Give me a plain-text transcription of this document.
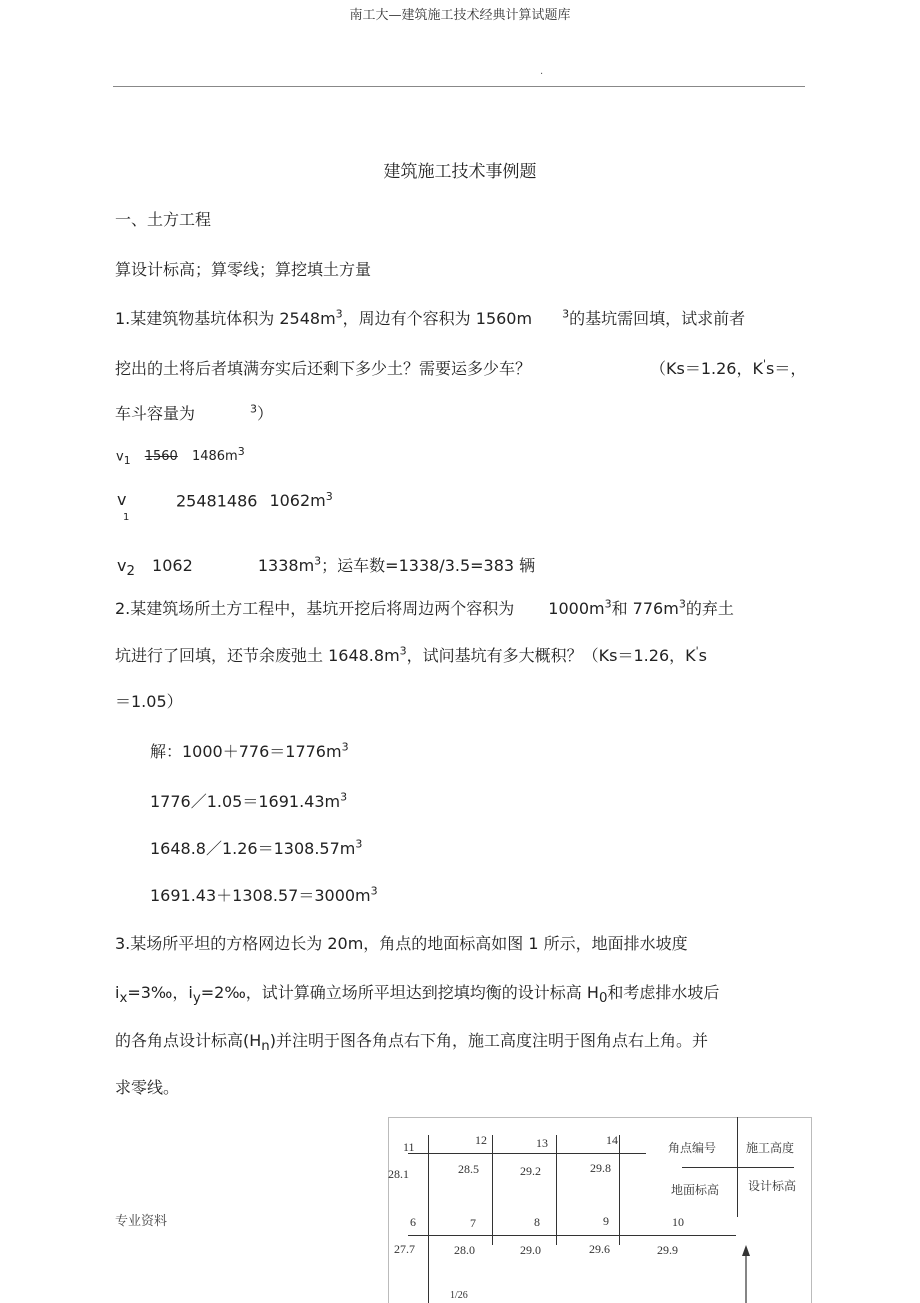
南工大—建筑施工技术经典计算试题库
.
建筑施工技术事例题
一、土方工程
算设计标高；算零线；算挖填土方量
1.某建筑物基坑体积为 $2548m^3$，周边有个容积为 1560m	$^3$的基坑需回填，试求前者
挖出的土将后者填满夯实后还剩下多少土？需要运多少车？	（Ks＝1.26，K's＝，
车斗容量为	$^3$）
$v_1$ 1560 $1486m^3$
v
1
25481486 $1062m^3$
$v_2$ 1062	$1338m^3$；运车数=1338/3.5=383 辆
2.某建筑场所土方工程中，基坑开挖后将周边两个容积为 $1000m^3$和 $776m^3$的弃土
坑进行了回填，还节余废弛土 $1648.8m^3$，试问基坑有多大概积？（Ks＝1.26，K's
＝1.05）
解：$1000+776=1776m^3$
$1776/1.05=1691.43m^3$
$1648.8/1.26=1308.57m^3$
$1691.43+1308.57=3000m^3$
3.某场所平坦的方格网边长为 20m，角点的地面标高如图 1 所示，地面排水坡度
$i_x=3‰$，$i_y=2‰$，试计算确立场所平坦达到挖填均衡的设计标高 $H_0$和考虑排水坡后
的各角点设计标高$(H_n)$并注明于图各角点右下角，施工高度注明于图角点右上角。并
求零线。
11	12	13	14
28.1	28.5	29.2	29.8
6	7	8	9	10
27.7	28.0	29.0	29.6	29.9
角点编号 施工高度
地面标高 设计标高
专业资料
1/26
